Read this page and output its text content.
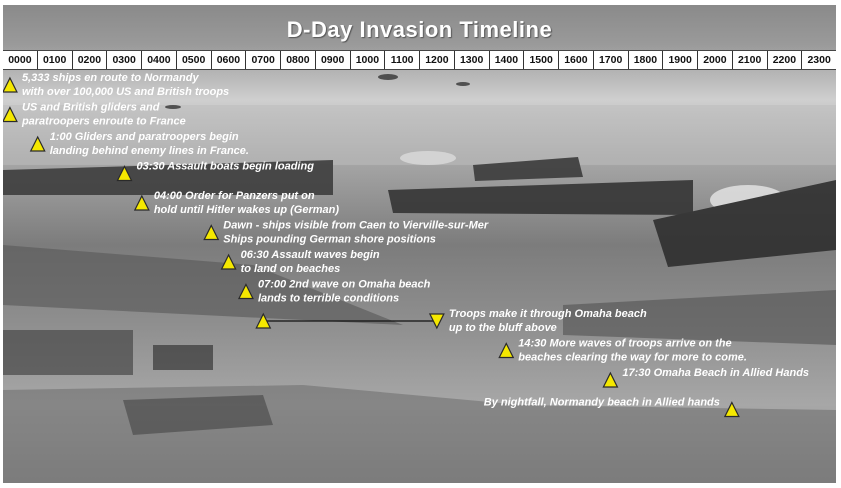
D-Day Invasion Timeline
0000	0100	0200	0300	0400	0500	0600	0700	0800	0900	1000	1100	1200	1300	1400	1500	1600	1700	1800	1900	2000	2100	2200	2300
5,333 ships en route to Normandy
with over 100,000 US and British troops
US and British gliders and
paratroopers enroute to France
1:00 Gliders and paratroopers begin
landing behind enemy lines in France.
03:30 Assault boats begin loading
04:00 Order for Panzers put on
hold until Hitler wakes up (German)
Dawn - ships visible from Caen to Vierville-sur-Mer
Ships pounding German shore positions
06:30 Assault waves begin
to land on beaches
07:00 2nd wave on Omaha beach
lands to terrible conditions
Troops make it through Omaha beach
up to the bluff above
14:30 More waves of troops arrive on the
beaches clearing the way for more to come.
17:30 Omaha Beach in Allied Hands
By nightfall, Normandy beach in Allied hands
